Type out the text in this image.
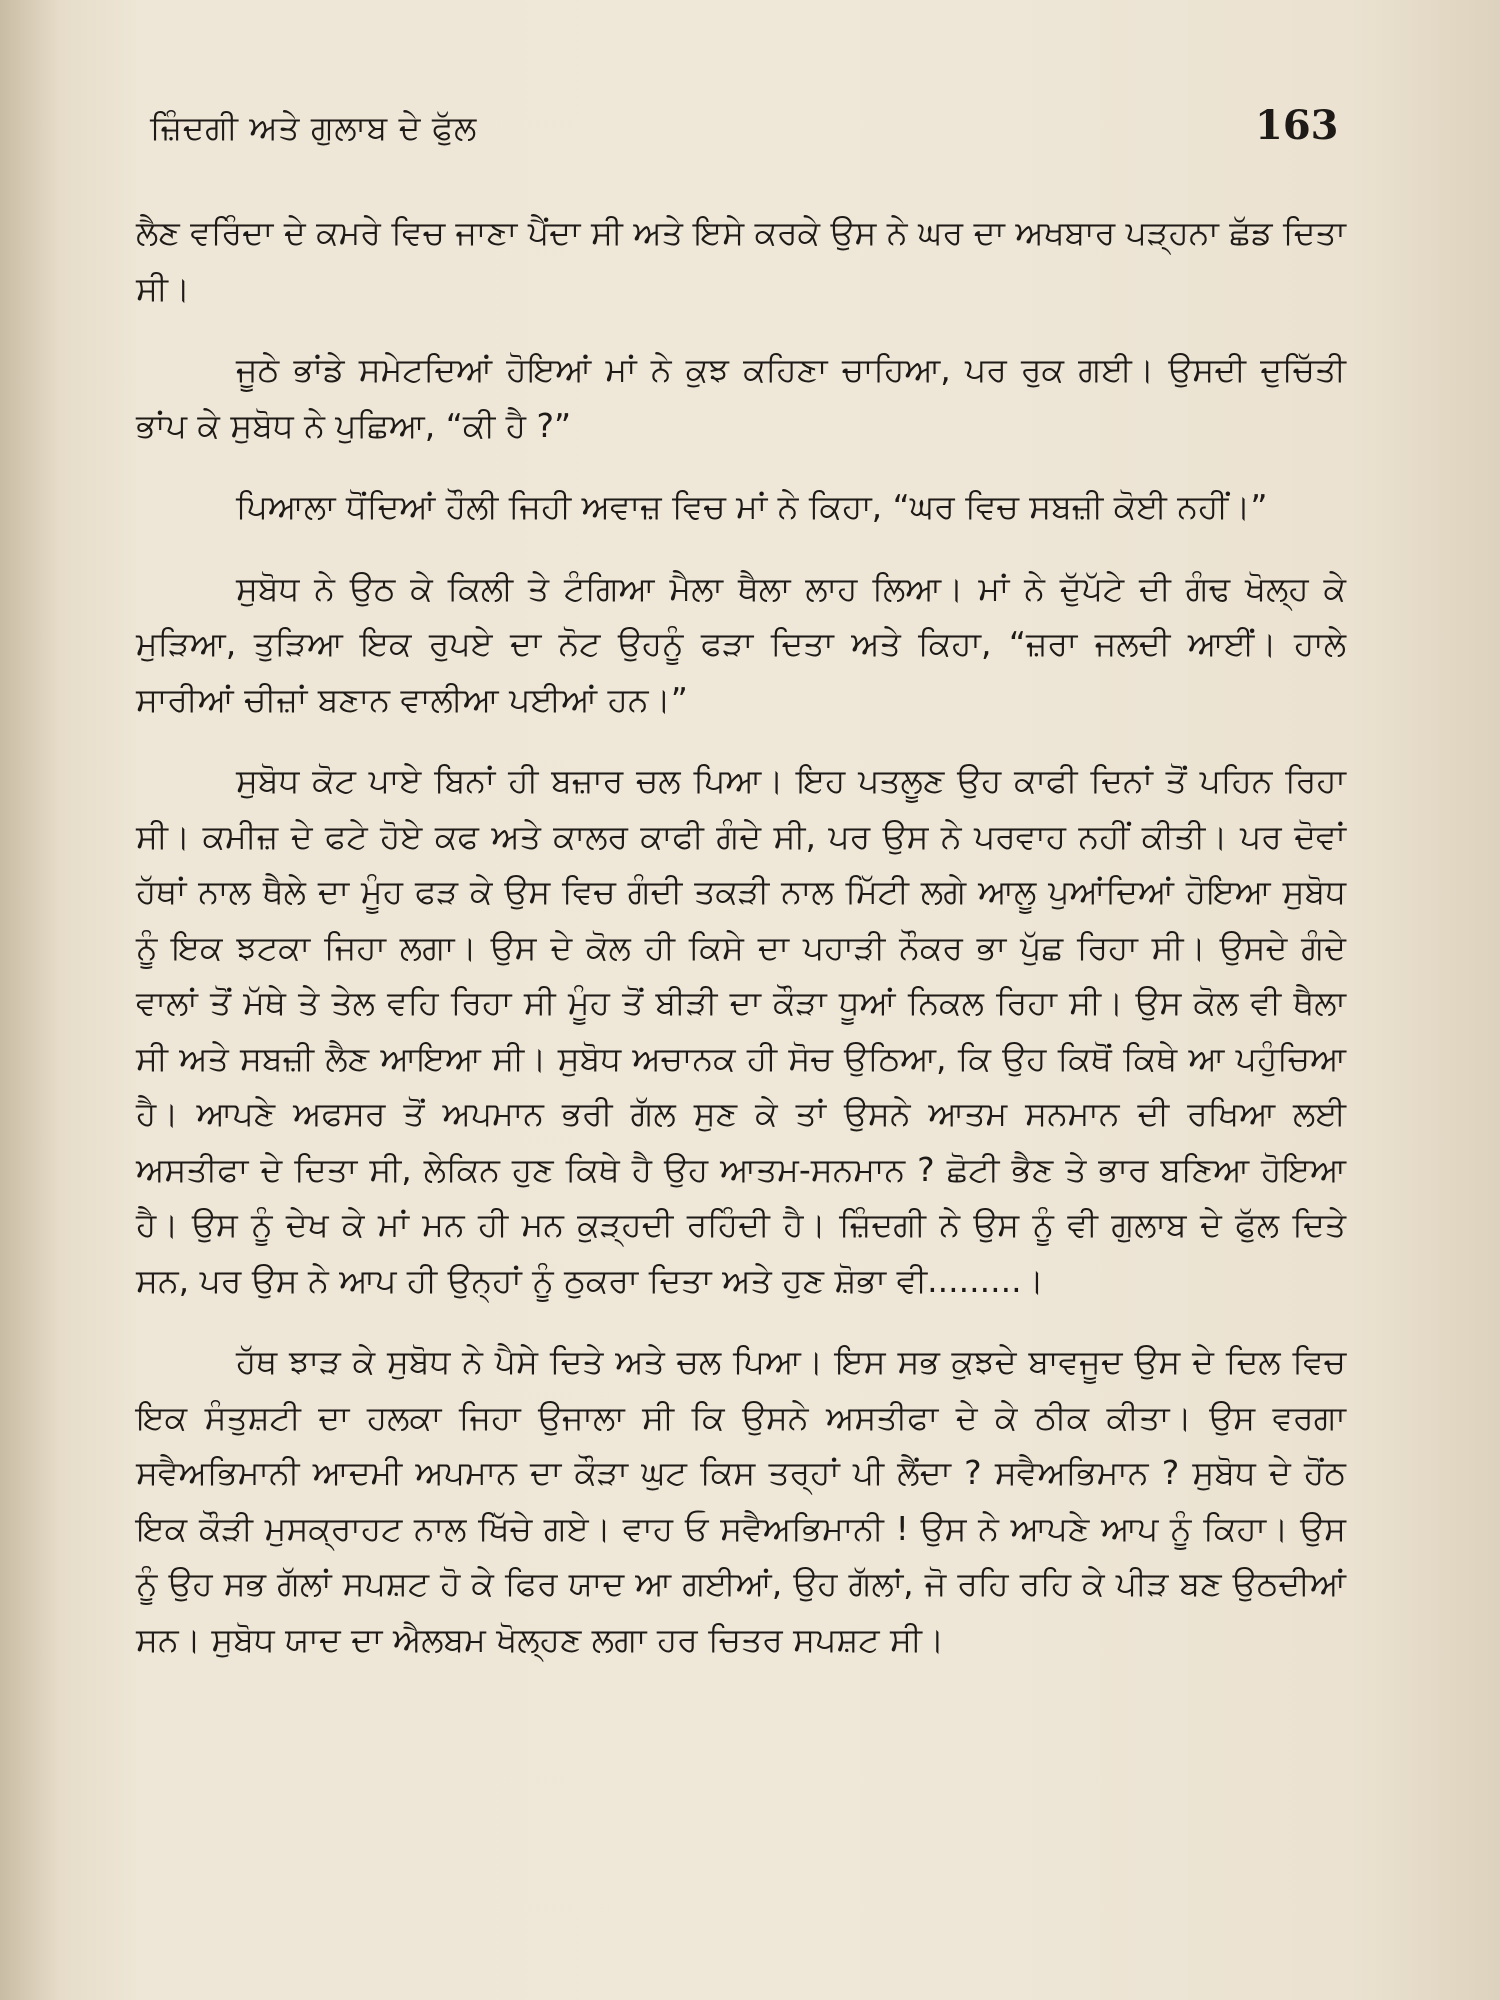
ਜ਼ਿੰਦਗੀ ਅਤੇ ਗੁਲਾਬ ਦੇ ਫੁੱਲ	163

ਲੈਣ ਵਰਿੰਦਾ ਦੇ ਕਮਰੇ ਵਿਚ ਜਾਣਾ ਪੈਂਦਾ ਸੀ ਅਤੇ ਇਸੇ ਕਰਕੇ ਉਸ ਨੇ ਘਰ ਦਾ ਅਖਬਾਰ ਪੜ੍ਹਨਾ ਛੱਡ ਦਿਤਾ ਸੀ।

ਜੂਠੇ ਭਾਂਡੇ ਸਮੇਟਦਿਆਂ ਹੋਇਆਂ ਮਾਂ ਨੇ ਕੁਝ ਕਹਿਣਾ ਚਾਹਿਆ, ਪਰ ਰੁਕ ਗਈ। ਉਸਦੀ ਦੁਚਿੱਤੀ ਭਾਂਪ ਕੇ ਸੁਬੋਧ ਨੇ ਪੁਛਿਆ, “ਕੀ ਹੈ ?”

ਪਿਆਲਾ ਧੋਂਦਿਆਂ ਹੌਲੀ ਜਿਹੀ ਅਵਾਜ਼ ਵਿਚ ਮਾਂ ਨੇ ਕਿਹਾ, “ਘਰ ਵਿਚ ਸਬਜ਼ੀ ਕੋਈ ਨਹੀਂ।”

ਸੁਬੋਧ ਨੇ ਉਠ ਕੇ ਕਿਲੀ ਤੇ ਟੰਗਿਆ ਮੈਲਾ ਥੈਲਾ ਲਾਹ ਲਿਆ। ਮਾਂ ਨੇ ਦੁੱਪੱਟੇ ਦੀ ਗੰਢ ਖੋਲ੍ਹ ਕੇ ਮੁੜਿਆ, ਤੁੜਿਆ ਇਕ ਰੁਪਏ ਦਾ ਨੋਟ ਉਹਨੂੰ ਫੜਾ ਦਿਤਾ ਅਤੇ ਕਿਹਾ, “ਜ਼ਰਾ ਜਲਦੀ ਆਈਂ। ਹਾਲੇ ਸਾਰੀਆਂ ਚੀਜ਼ਾਂ ਬਣਾਨ ਵਾਲੀਆ ਪਈਆਂ ਹਨ।”

ਸੁਬੋਧ ਕੋਟ ਪਾਏ ਬਿਨਾਂ ਹੀ ਬਜ਼ਾਰ ਚਲ ਪਿਆ। ਇਹ ਪਤਲੂਣ ਉਹ ਕਾਫੀ ਦਿਨਾਂ ਤੋਂ ਪਹਿਨ ਰਿਹਾ ਸੀ। ਕਮੀਜ਼ ਦੇ ਫਟੇ ਹੋਏ ਕਫ ਅਤੇ ਕਾਲਰ ਕਾਫੀ ਗੰਦੇ ਸੀ, ਪਰ ਉਸ ਨੇ ਪਰਵਾਹ ਨਹੀਂ ਕੀਤੀ। ਪਰ ਦੋਵਾਂ ਹੱਥਾਂ ਨਾਲ ਥੈਲੇ ਦਾ ਮੂੰਹ ਫੜ ਕੇ ਉਸ ਵਿਚ ਗੰਦੀ ਤਕੜੀ ਨਾਲ ਮਿੱਟੀ ਲਗੇ ਆਲੂ ਪੁਆਂਦਿਆਂ ਹੋਇਆ ਸੁਬੋਧ ਨੂੰ ਇਕ ਝਟਕਾ ਜਿਹਾ ਲਗਾ। ਉਸ ਦੇ ਕੋਲ ਹੀ ਕਿਸੇ ਦਾ ਪਹਾੜੀ ਨੌਕਰ ਭਾ ਪੁੱਛ ਰਿਹਾ ਸੀ। ਉਸਦੇ ਗੰਦੇ ਵਾਲਾਂ ਤੋਂ ਮੱਥੇ ਤੇ ਤੇਲ ਵਹਿ ਰਿਹਾ ਸੀ ਮੂੰਹ ਤੋਂ ਬੀੜੀ ਦਾ ਕੌੜਾ ਧੂਆਂ ਨਿਕਲ ਰਿਹਾ ਸੀ। ਉਸ ਕੋਲ ਵੀ ਥੈਲਾ ਸੀ ਅਤੇ ਸਬਜ਼ੀ ਲੈਣ ਆਇਆ ਸੀ। ਸੁਬੋਧ ਅਚਾਨਕ ਹੀ ਸੋਚ ਉਠਿਆ, ਕਿ ਉਹ ਕਿਥੋਂ ਕਿਥੇ ਆ ਪਹੁੰਚਿਆ ਹੈ। ਆਪਣੇ ਅਫਸਰ ਤੋਂ ਅਪਮਾਨ ਭਰੀ ਗੱਲ ਸੁਣ ਕੇ ਤਾਂ ਉਸਨੇ ਆਤਮ ਸਨਮਾਨ ਦੀ ਰਖਿਆ ਲਈ ਅਸਤੀਫਾ ਦੇ ਦਿਤਾ ਸੀ, ਲੇਕਿਨ ਹੁਣ ਕਿਥੇ ਹੈ ਉਹ ਆਤਮ-ਸਨਮਾਨ ? ਛੋਟੀ ਭੈਣ ਤੇ ਭਾਰ ਬਣਿਆ ਹੋਇਆ ਹੈ। ਉਸ ਨੂੰ ਦੇਖ ਕੇ ਮਾਂ ਮਨ ਹੀ ਮਨ ਕੁੜ੍ਹਦੀ ਰਹਿੰਦੀ ਹੈ। ਜ਼ਿੰਦਗੀ ਨੇ ਉਸ ਨੂੰ ਵੀ ਗੁਲਾਬ ਦੇ ਫੁੱਲ ਦਿਤੇ ਸਨ, ਪਰ ਉਸ ਨੇ ਆਪ ਹੀ ਉਨ੍ਹਾਂ ਨੂੰ ਠੁਕਰਾ ਦਿਤਾ ਅਤੇ ਹੁਣ ਸ਼ੋਭਾ ਵੀ.........।

ਹੱਥ ਝਾੜ ਕੇ ਸੁਬੋਧ ਨੇ ਪੈਸੇ ਦਿਤੇ ਅਤੇ ਚਲ ਪਿਆ। ਇਸ ਸਭ ਕੁਝਦੇ ਬਾਵਜੂਦ ਉਸ ਦੇ ਦਿਲ ਵਿਚ ਇਕ ਸੰਤੁਸ਼ਟੀ ਦਾ ਹਲਕਾ ਜਿਹਾ ਉਜਾਲਾ ਸੀ ਕਿ ਉਸਨੇ ਅਸਤੀਫਾ ਦੇ ਕੇ ਠੀਕ ਕੀਤਾ। ਉਸ ਵਰਗਾ ਸਵੈਅਭਿਮਾਨੀ ਆਦਮੀ ਅਪਮਾਨ ਦਾ ਕੌੜਾ ਘੁਟ ਕਿਸ ਤਰ੍ਹਾਂ ਪੀ ਲੈਂਦਾ ? ਸਵੈਅਭਿਮਾਨ ? ਸੁਬੋਧ ਦੇ ਹੋਂਠ ਇਕ ਕੌੜੀ ਮੁਸਕ੍ਰਾਹਟ ਨਾਲ ਖਿੱਚੇ ਗਏ। ਵਾਹ ਓ ਸਵੈਅਭਿਮਾਨੀ ! ਉਸ ਨੇ ਆਪਣੇ ਆਪ ਨੂੰ ਕਿਹਾ। ਉਸ ਨੂੰ ਉਹ ਸਭ ਗੱਲਾਂ ਸਪਸ਼ਟ ਹੋ ਕੇ ਫਿਰ ਯਾਦ ਆ ਗਈਆਂ, ਉਹ ਗੱਲਾਂ, ਜੋ ਰਹਿ ਰਹਿ ਕੇ ਪੀੜ ਬਣ ਉਠਦੀਆਂ ਸਨ। ਸੁਬੋਧ ਯਾਦ ਦਾ ਐਲਬਮ ਖੋਲ੍ਹਣ ਲਗਾ ਹਰ ਚਿਤਰ ਸਪਸ਼ਟ ਸੀ।
